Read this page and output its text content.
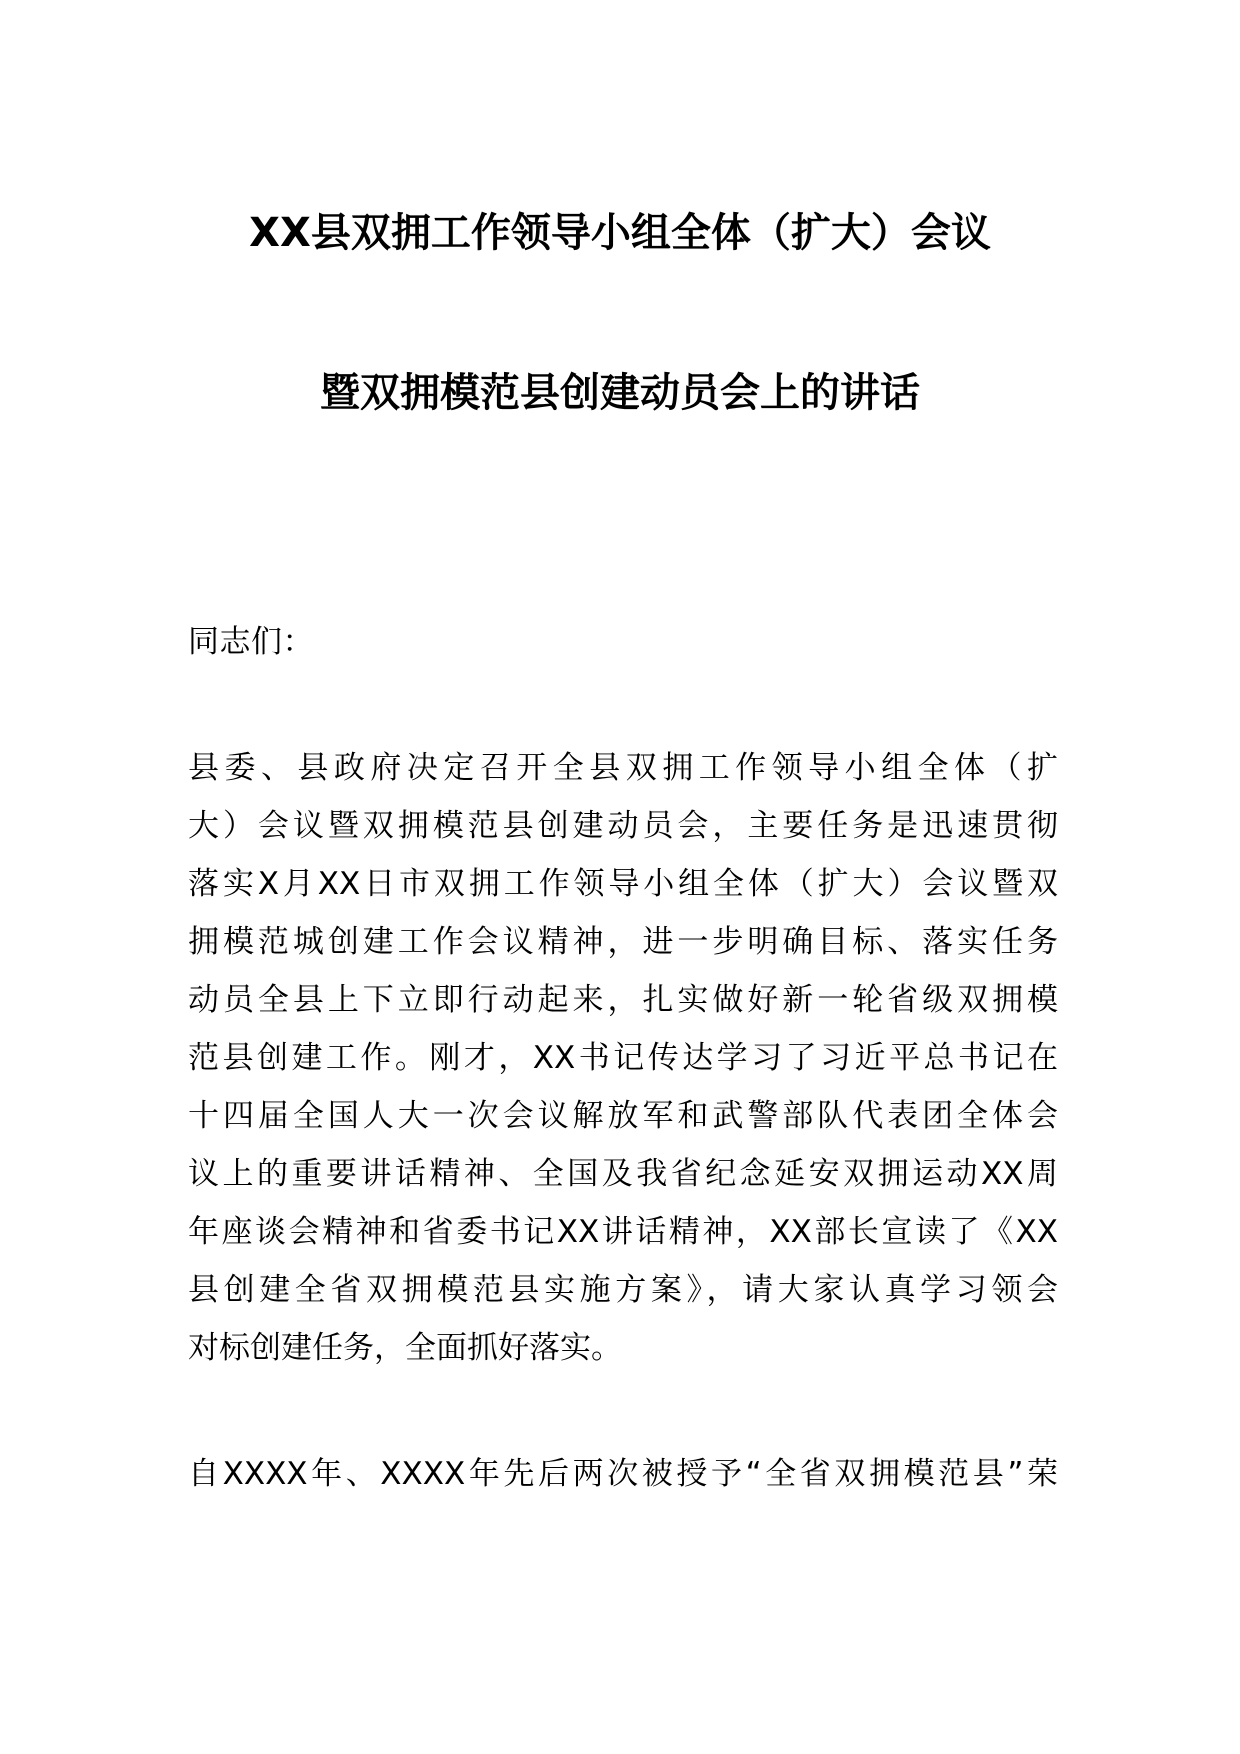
XX县双拥工作领导小组全体（扩大）会议
暨双拥模范县创建动员会上的讲话
同志们：
县委、县政府决定召开全县双拥工作领导小组全体（扩
大）会议暨双拥模范县创建动员会，主要任务是迅速贯彻
落实X月XX日市双拥工作领导小组全体（扩大）会议暨双
拥模范城创建工作会议精神，进一步明确目标、落实任务
动员全县上下立即行动起来，扎实做好新一轮省级双拥模
范县创建工作。刚才，XX书记传达学习了习近平总书记在
十四届全国人大一次会议解放军和武警部队代表团全体会
议上的重要讲话精神、全国及我省纪念延安双拥运动XX周
年座谈会精神和省委书记XX讲话精神，XX部长宣读了《XX
县创建全省双拥模范县实施方案》，请大家认真学习领会
对标创建任务，全面抓好落实。
自XXXX年、XXXX年先后两次被授予“全省双拥模范县”荣
